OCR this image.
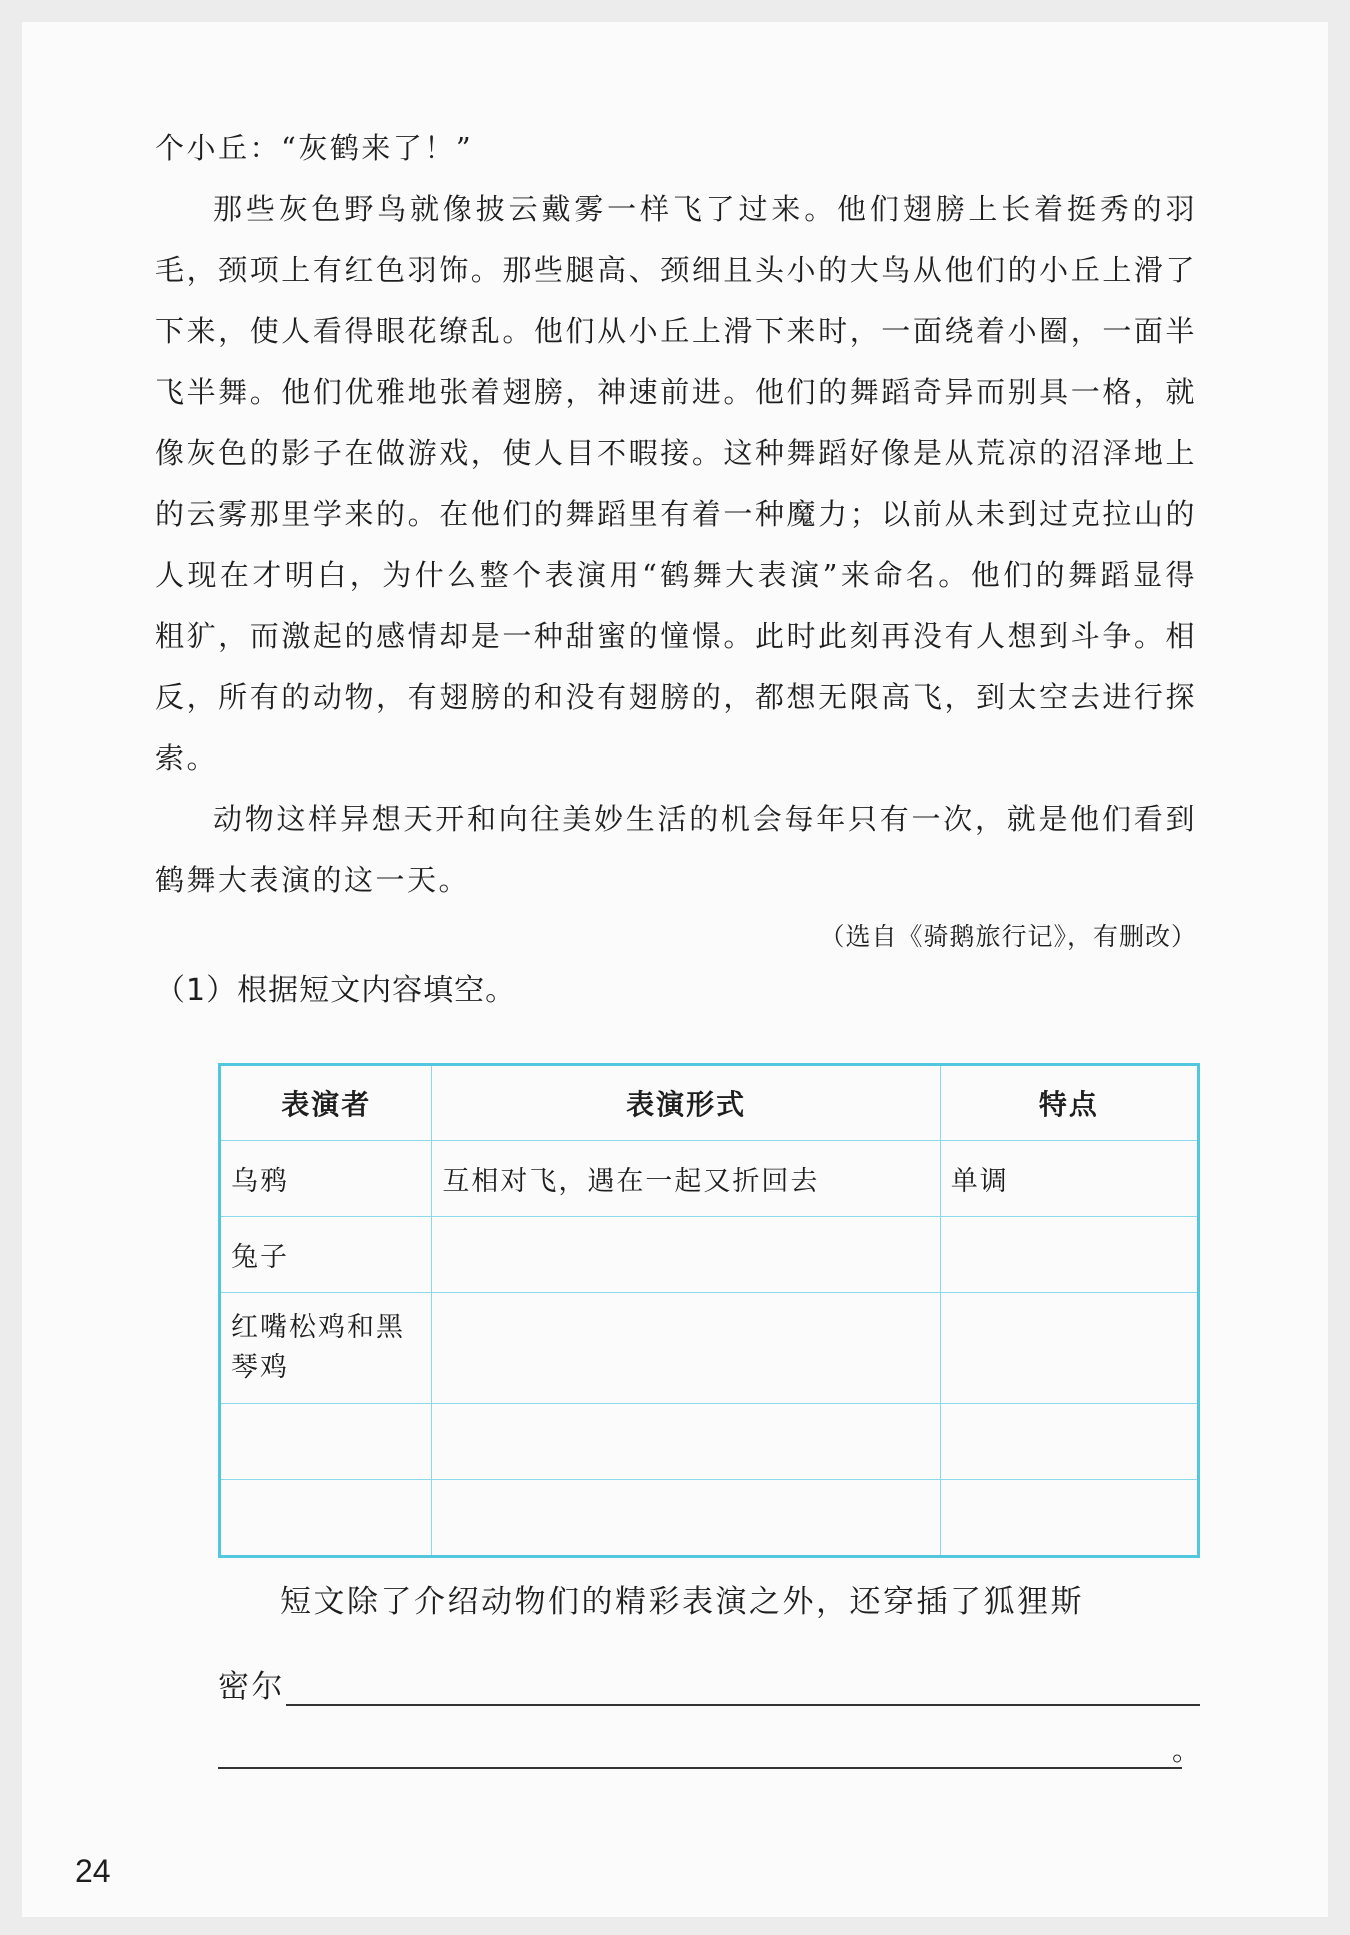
个小丘：“灰鹤来了！”

那些灰色野鸟就像披云戴雾一样飞了过来。他们翅膀上长着挺秀的羽毛，颈项上有红色羽饰。那些腿高、颈细且头小的大鸟从他们的小丘上滑了下来，使人看得眼花缭乱。他们从小丘上滑下来时，一面绕着小圈，一面半飞半舞。他们优雅地张着翅膀，神速前进。他们的舞蹈奇异而别具一格，就像灰色的影子在做游戏，使人目不暇接。这种舞蹈好像是从荒凉的沼泽地上的云雾那里学来的。在他们的舞蹈里有着一种魔力；以前从未到过克拉山的人现在才明白，为什么整个表演用“鹤舞大表演”来命名。他们的舞蹈显得粗犷，而激起的感情却是一种甜蜜的憧憬。此时此刻再没有人想到斗争。相反，所有的动物，有翅膀的和没有翅膀的，都想无限高飞，到太空去进行探索。

动物这样异想天开和向往美妙生活的机会每年只有一次，就是他们看到鹤舞大表演的这一天。

（选自《骑鹅旅行记》，有删改）
（1）根据短文内容填空。
表演者	表演形式	特点
乌鸦	互相对飞，遇在一起又折回去	单调
兔子		
红嘴松鸡和黑琴鸡		

短文除了介绍动物们的精彩表演之外，还穿插了狐狸斯
密尔
。
24
